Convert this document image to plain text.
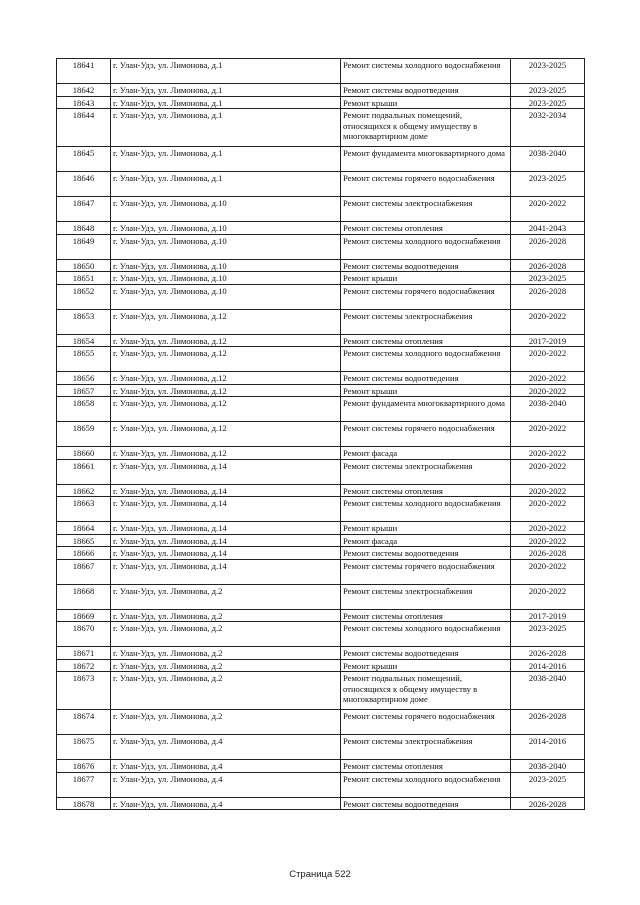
18641	г. Улан-Удэ, ул. Лимонова, д.1	Ремонт системы холодного водоснабжения	2023-2025
18642	г. Улан-Удэ, ул. Лимонова, д.1	Ремонт системы водоотведения	2023-2025
18643	г. Улан-Удэ, ул. Лимонова, д.1	Ремонт крыши	2023-2025
18644	г. Улан-Удэ, ул. Лимонова, д.1	Ремонт подвальных помещений, относящихся к общему имуществу в многоквартирном доме	2032-2034
18645	г. Улан-Удэ, ул. Лимонова, д.1	Ремонт фундамента многоквартирного дома	2038-2040
18646	г. Улан-Удэ, ул. Лимонова, д.1	Ремонт системы горячего водоснабжения	2023-2025
18647	г. Улан-Удэ, ул. Лимонова, д.10	Ремонт системы электроснабжения	2020-2022
18648	г. Улан-Удэ, ул. Лимонова, д.10	Ремонт системы отопления	2041-2043
18649	г. Улан-Удэ, ул. Лимонова, д.10	Ремонт системы холодного водоснабжения	2026-2028
18650	г. Улан-Удэ, ул. Лимонова, д.10	Ремонт системы водоотведения	2026-2028
18651	г. Улан-Удэ, ул. Лимонова, д.10	Ремонт крыши	2023-2025
18652	г. Улан-Удэ, ул. Лимонова, д.10	Ремонт системы горячего водоснабжения	2026-2028
18653	г. Улан-Удэ, ул. Лимонова, д.12	Ремонт системы электроснабжения	2020-2022
18654	г. Улан-Удэ, ул. Лимонова, д.12	Ремонт системы отопления	2017-2019
18655	г. Улан-Удэ, ул. Лимонова, д.12	Ремонт системы холодного водоснабжения	2020-2022
18656	г. Улан-Удэ, ул. Лимонова, д.12	Ремонт системы водоотведения	2020-2022
18657	г. Улан-Удэ, ул. Лимонова, д.12	Ремонт крыши	2020-2022
18658	г. Улан-Удэ, ул. Лимонова, д.12	Ремонт фундамента многоквартирного дома	2038-2040
18659	г. Улан-Удэ, ул. Лимонова, д.12	Ремонт системы горячего водоснабжения	2020-2022
18660	г. Улан-Удэ, ул. Лимонова, д.12	Ремонт фасада	2020-2022
18661	г. Улан-Удэ, ул. Лимонова, д.14	Ремонт системы электроснабжения	2020-2022
18662	г. Улан-Удэ, ул. Лимонова, д.14	Ремонт системы отопления	2020-2022
18663	г. Улан-Удэ, ул. Лимонова, д.14	Ремонт системы холодного водоснабжения	2020-2022
18664	г. Улан-Удэ, ул. Лимонова, д.14	Ремонт крыши	2020-2022
18665	г. Улан-Удэ, ул. Лимонова, д.14	Ремонт фасада	2020-2022
18666	г. Улан-Удэ, ул. Лимонова, д.14	Ремонт системы водоотведения	2026-2028
18667	г. Улан-Удэ, ул. Лимонова, д.14	Ремонт системы горячего водоснабжения	2020-2022
18668	г. Улан-Удэ, ул. Лимонова, д.2	Ремонт системы электроснабжения	2020-2022
18669	г. Улан-Удэ, ул. Лимонова, д.2	Ремонт системы отопления	2017-2019
18670	г. Улан-Удэ, ул. Лимонова, д.2	Ремонт системы холодного водоснабжения	2023-2025
18671	г. Улан-Удэ, ул. Лимонова, д.2	Ремонт системы водоотведения	2026-2028
18672	г. Улан-Удэ, ул. Лимонова, д.2	Ремонт крыши	2014-2016
18673	г. Улан-Удэ, ул. Лимонова, д.2	Ремонт подвальных помещений, относящихся к общему имуществу в многоквартирном доме	2038-2040
18674	г. Улан-Удэ, ул. Лимонова, д.2	Ремонт системы горячего водоснабжения	2026-2028
18675	г. Улан-Удэ, ул. Лимонова, д.4	Ремонт системы электроснабжения	2014-2016
18676	г. Улан-Удэ, ул. Лимонова, д.4	Ремонт системы отопления	2038-2040
18677	г. Улан-Удэ, ул. Лимонова, д.4	Ремонт системы холодного водоснабжения	2023-2025
18678	г. Улан-Удэ, ул. Лимонова, д.4	Ремонт системы водоотведения	2026-2028
Страница 522
